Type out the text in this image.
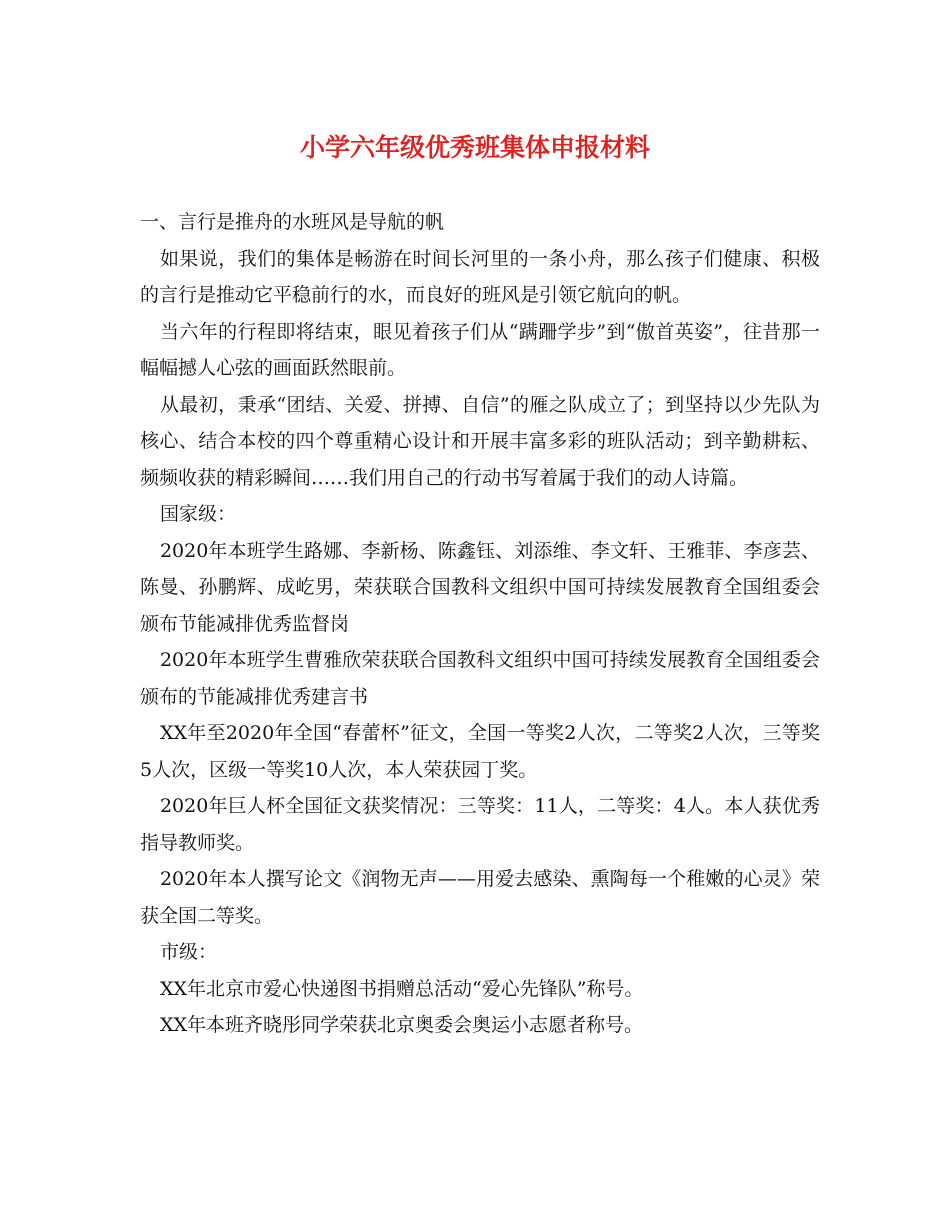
小学六年级优秀班集体申报材料

一、言行是推舟的水班风是导航的帆

如果说，我们的集体是畅游在时间长河里的一条小舟，那么孩子们健康、积极的言行是推动它平稳前行的水，而良好的班风是引领它航向的帆。

当六年的行程即将结束，眼见着孩子们从“蹒跚学步”到“傲首英姿”，往昔那一幅幅撼人心弦的画面跃然眼前。

从最初，秉承“团结、关爱、拼搏、自信”的雁之队成立了；到坚持以少先队为核心、结合本校的四个尊重精心设计和开展丰富多彩的班队活动；到辛勤耕耘、频频收获的精彩瞬间……我们用自己的行动书写着属于我们的动人诗篇。

国家级：

2020年本班学生路娜、李新杨、陈鑫钰、刘添维、李文轩、王雅菲、李彦芸、陈曼、孙鹏辉、成屹男，荣获联合国教科文组织中国可持续发展教育全国组委会颁布节能减排优秀监督岗

2020年本班学生曹雅欣荣获联合国教科文组织中国可持续发展教育全国组委会颁布的节能减排优秀建言书

XX年至2020年全国“春蕾杯”征文，全国一等奖2人次，二等奖2人次，三等奖5人次，区级一等奖10人次，本人荣获园丁奖。

2020年巨人杯全国征文获奖情况：三等奖：11人，二等奖：4人。本人获优秀指导教师奖。

2020年本人撰写论文《润物无声——用爱去感染、熏陶每一个稚嫩的心灵》荣获全国二等奖。

市级：

XX年北京市爱心快递图书捐赠总活动“爱心先锋队”称号。

XX年本班齐晓彤同学荣获北京奥委会奥运小志愿者称号。
